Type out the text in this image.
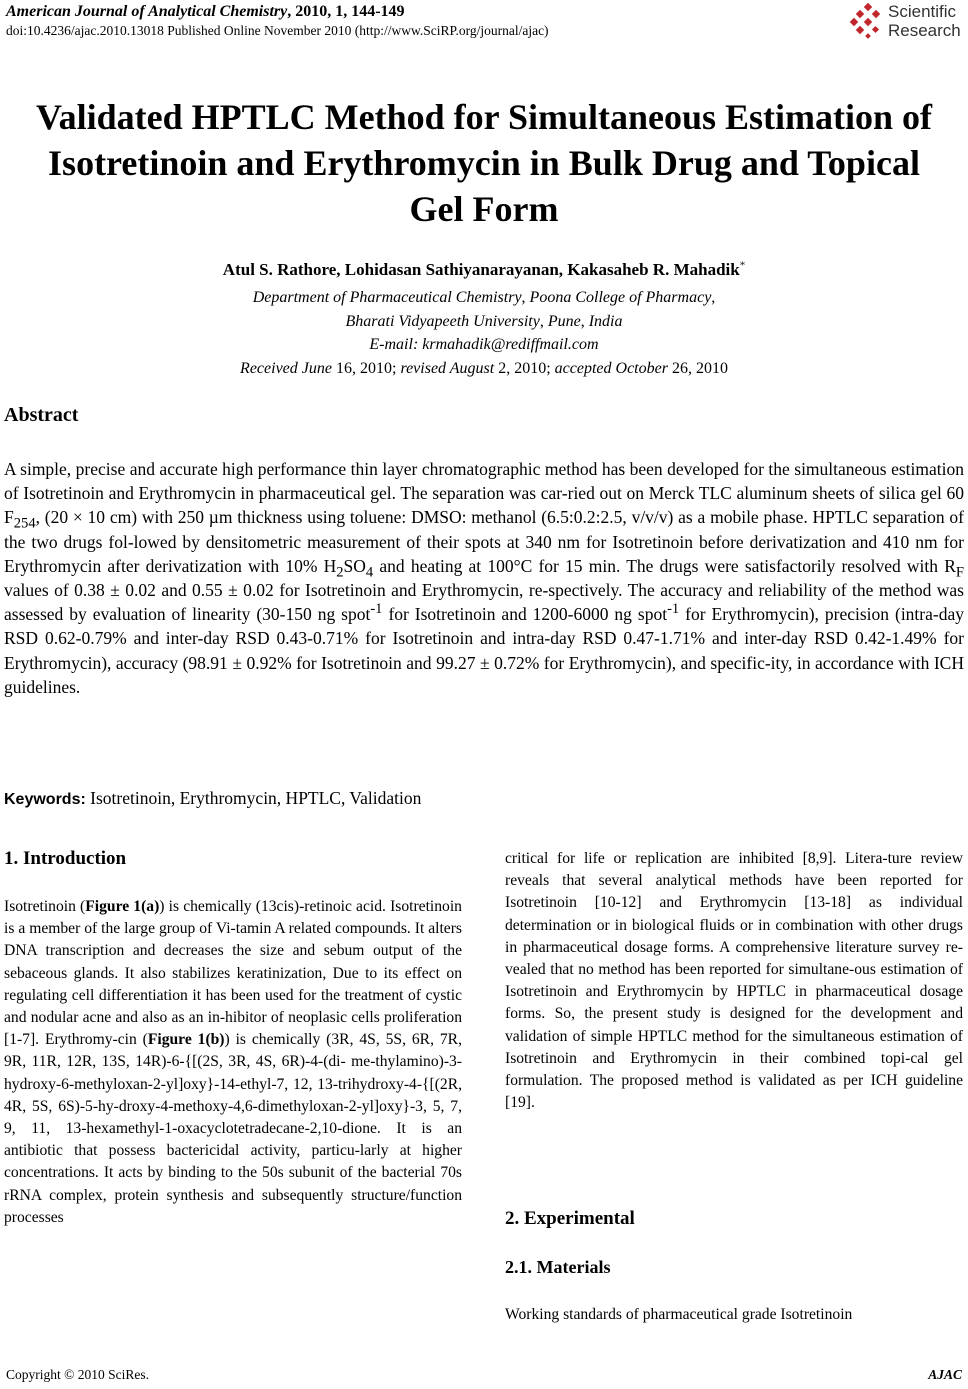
American Journal of Analytical Chemistry, 2010, 1, 144-149
doi:10.4236/ajac.2010.13018 Published Online November 2010 (http://www.SciRP.org/journal/ajac)
Scientific
Research
Validated HPTLC Method for Simultaneous Estimation of
Isotretinoin and Erythromycin in Bulk Drug and Topical
Gel Form
Atul S. Rathore, Lohidasan Sathiyanarayanan, Kakasaheb R. Mahadik*
Department of Pharmaceutical Chemistry, Poona College of Pharmacy,
Bharati Vidyapeeth University, Pune, India
E-mail: krmahadik@rediffmail.com
Received June 16, 2010; revised August 2, 2010; accepted October 26, 2010
Abstract
A simple, precise and accurate high performance thin layer chromatographic method has been developed for the simultaneous estimation of Isotretinoin and Erythromycin in pharmaceutical gel. The separation was car-ried out on Merck TLC aluminum sheets of silica gel 60 $F_{254}$, (20 × 10 cm) with 250 µm thickness using toluene: DMSO: methanol (6.5:0.2:2.5, v/v/v) as a mobile phase. HPTLC separation of the two drugs fol-lowed by densitometric measurement of their spots at 340 nm for Isotretinoin before derivatization and 410 nm for Erythromycin after derivatization with 10% $H_2SO_4$ and heating at 100°C for 15 min. The drugs were satisfactorily resolved with $R_F$ values of 0.38 ± 0.02 and 0.55 ± 0.02 for Isotretinoin and Erythromycin, re-spectively. The accuracy and reliability of the method was assessed by evaluation of linearity (30-150 ng spot$^{-1}$ for Isotretinoin and 1200-6000 ng spot$^{-1}$ for Erythromycin), precision (intra-day RSD 0.62-0.79% and inter-day RSD 0.43-0.71% for Isotretinoin and intra-day RSD 0.47-1.71% and inter-day RSD 0.42-1.49% for Erythromycin), accuracy (98.91 ± 0.92% for Isotretinoin and 99.27 ± 0.72% for Erythromycin), and specific-ity, in accordance with ICH guidelines.
Keywords: Isotretinoin, Erythromycin, HPTLC, Validation
1. Introduction
Isotretinoin (Figure 1(a)) is chemically (13cis)-retinoic acid. Isotretinoin is a member of the large group of Vi-tamin A related compounds. It alters DNA transcription and decreases the size and sebum output of the sebaceous glands. It also stabilizes keratinization, Due to its effect on regulating cell differentiation it has been used for the treatment of cystic and nodular acne and also as an in-hibitor of neoplasic cells proliferation [1-7]. Erythromy-cin (Figure 1(b)) is chemically (3R, 4S, 5S, 6R, 7R, 9R, 11R, 12R, 13S, 14R)-6-{[(2S, 3R, 4S, 6R)-4-(di- me-thylamino)-3-hydroxy-6-methyloxan-2-yl]oxy}-14-ethyl-7, 12, 13-trihydroxy-4-{[(2R, 4R, 5S, 6S)-5-hy-droxy-4-methoxy-4,6-dimethyloxan-2-yl]oxy}-3, 5, 7, 9, 11, 13-hexamethyl-1-oxacyclotetradecane-2,10-dione. It is an antibiotic that possess bactericidal activity, particu-larly at higher concentrations. It acts by binding to the 50s subunit of the bacterial 70s rRNA complex, protein synthesis and subsequently structure/function processes
critical for life or replication are inhibited [8,9]. Litera-ture review reveals that several analytical methods have been reported for Isotretinoin [10-12] and Erythromycin [13-18] as individual determination or in biological fluids or in combination with other drugs in pharmaceutical dosage forms. A comprehensive literature survey re-vealed that no method has been reported for simultane-ous estimation of Isotretinoin and Erythromycin by HPTLC in pharmaceutical dosage forms. So, the present study is designed for the development and validation of simple HPTLC method for the simultaneous estimation of Isotretinoin and Erythromycin in their combined topi-cal gel formulation. The proposed method is validated as per ICH guideline [19].
2. Experimental
2.1. Materials
Working standards of pharmaceutical grade Isotretinoin
Copyright © 2010 SciRes.	AJAC
